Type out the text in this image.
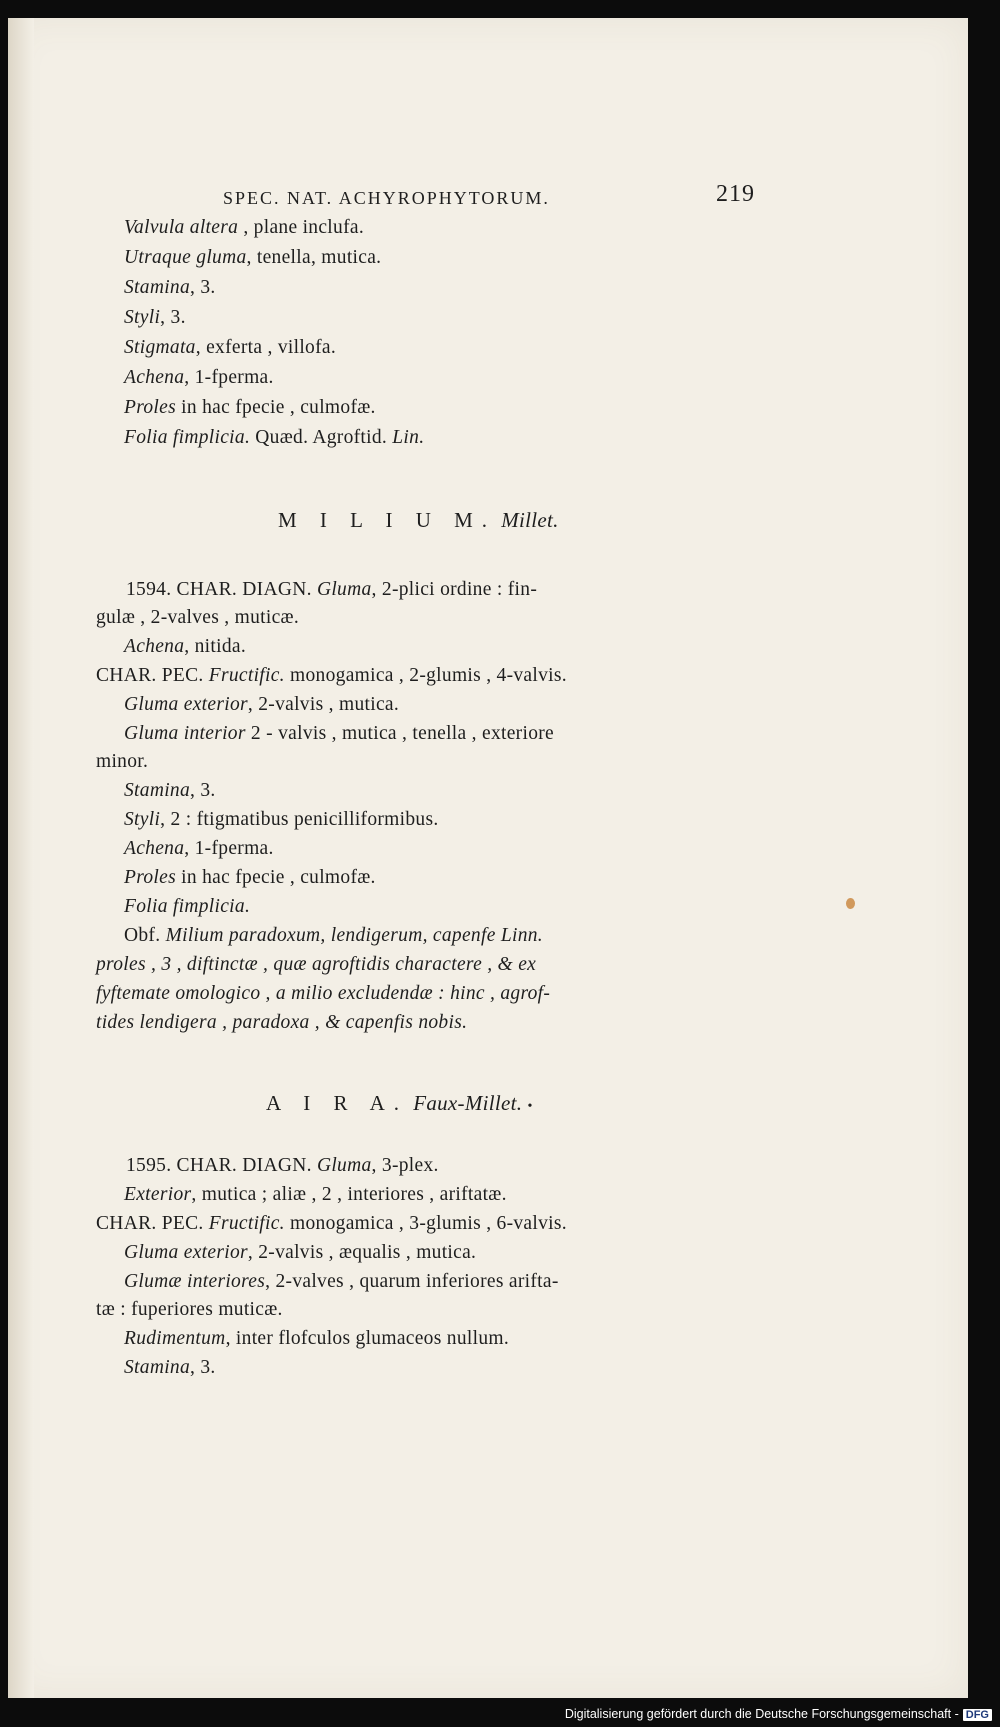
SPEC. NAT. ACHYROPHYTORUM.	219
Valvula altera , plane inclufa.
Utraque gluma, tenella, mutica.
Stamina, 3.
Styli, 3.
Stigmata, exferta , villofa.
Achena, 1-fperma.
Proles in hac fpecie , culmofæ.
Folia fimplicia. Quæd. Agroftid. Lin.
M I L I U M. Millet.
1594. CHAR. DIAGN. Gluma, 2-plici ordine : fin-
gulæ , 2-valves , muticæ.
Achena, nitida.
CHAR. PEC. Fructific. monogamica , 2-glumis , 4-valvis.
Gluma exterior, 2-valvis , mutica.
Gluma interior 2 - valvis , mutica , tenella , exteriore
minor.
Stamina, 3.
Styli, 2 : ftigmatibus penicilliformibus.
Achena, 1-fperma.
Proles in hac fpecie , culmofæ.
Folia fimplicia.
Obf. Milium paradoxum, lendigerum, capenfe Linn.
proles , 3 , diftinctæ , quæ agroftidis charactere , & ex
fyftemate omologico , a milio excludendæ : hinc , agrof-
tides lendigera , paradoxa , & capenfis nobis.
A I R A. Faux-Millet. •
1595. CHAR. DIAGN. Gluma, 3-plex.
Exterior, mutica ; aliæ , 2 , interiores , ariftatæ.
CHAR. PEC. Fructific. monogamica , 3-glumis , 6-valvis.
Gluma exterior, 2-valvis , æqualis , mutica.
Glumæ interiores, 2-valves , quarum inferiores arifta-
tæ : fuperiores muticæ.
Rudimentum, inter flofculos glumaceos nullum.
Stamina, 3.
Digitalisierung gefördert durch die Deutsche Forschungsgemeinschaft - DFG
